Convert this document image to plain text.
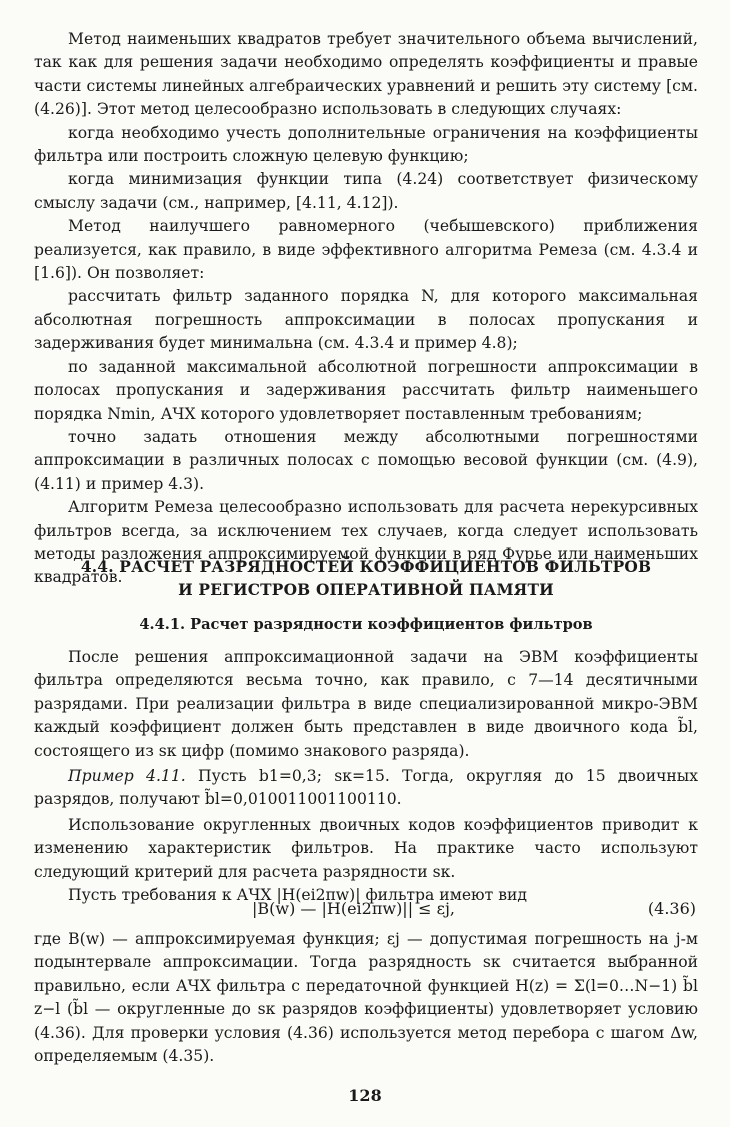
Метод наименьших квадратов требует значительного объема вычислений, так как для решения задачи необходимо определять коэффициенты и правые части системы линейных алгебраических уравнений и решить эту систему [см. (4.26)]. Этот метод целесообразно использовать в следующих случаях:

когда необходимо учесть дополнительные ограничения на коэффициенты фильтра или построить сложную целевую функцию;

когда минимизация функции типа (4.24) соответствует физическому смыслу задачи (см., например, [4.11, 4.12]).

Метод наилучшего равномерного (чебышевского) приближения реализуется, как правило, в виде эффективного алгоритма Ремеза (см. 4.3.4 и [1.6]). Он позволяет:

рассчитать фильтр заданного порядка N, для которого максимальная абсолютная погрешность аппроксимации в полосах пропускания и задерживания будет минимальна (см. 4.3.4 и пример 4.8);

по заданной максимальной абсолютной погрешности аппроксимации в полосах пропускания и задерживания рассчитать фильтр наименьшего порядка Nmin, АЧХ которого удовлетворяет поставленным требованиям;

точно задать отношения между абсолютными погрешностями аппроксимации в различных полосах с помощью весовой функции (см. (4.9), (4.11) и пример 4.3).

Алгоритм Ремеза целесообразно использовать для расчета нерекурсивных фильтров всегда, за исключением тех случаев, когда следует использовать методы разложения аппроксимируемой функции в ряд Фурье или наименьших квадратов.

4.4. РАСЧЕТ РАЗРЯДНОСТЕЙ КОЭФФИЦИЕНТОВ ФИЛЬТРОВ
И РЕГИСТРОВ ОПЕРАТИВНОЙ ПАМЯТИ
4.4.1. Расчет разрядности коэффициентов фильтров

После решения аппроксимационной задачи на ЭВМ коэффициенты фильтра определяются весьма точно, как правило, с 7—14 десятичными разрядами. При реализации фильтра в виде специализированной микро-ЭВМ каждый коэффициент должен быть представлен в виде двоичного кода b̃l, состоящего из sк цифр (помимо знакового разряда).

Пример 4.11. Пусть b1=0,3; sк=15. Тогда, округляя до 15 двоичных разрядов, получают b̃l=0,010011001100110.

Использование округленных двоичных кодов коэффициентов приводит к изменению характеристик фильтров. На практике часто используют следующий критерий для расчета разрядности sк.

Пусть требования к АЧХ |H(ei2πw)| фильтра имеют вид

|B(w) — |H(ei2πw)|| ≤ εj,	(4.36)

где B(w) — аппроксимируемая функция; εj — допустимая погрешность на j-м подынтервале аппроксимации. Тогда разрядность sк считается выбранной правильно, если АЧХ фильтра с передаточной функцией H(z) = Σ(l=0…N−1) b̃l z−l (b̃l — округленные до sк разрядов коэффициенты) удовлетворяет условию (4.36). Для проверки условия (4.36) используется метод перебора с шагом Δw, определяемым (4.35).

128
